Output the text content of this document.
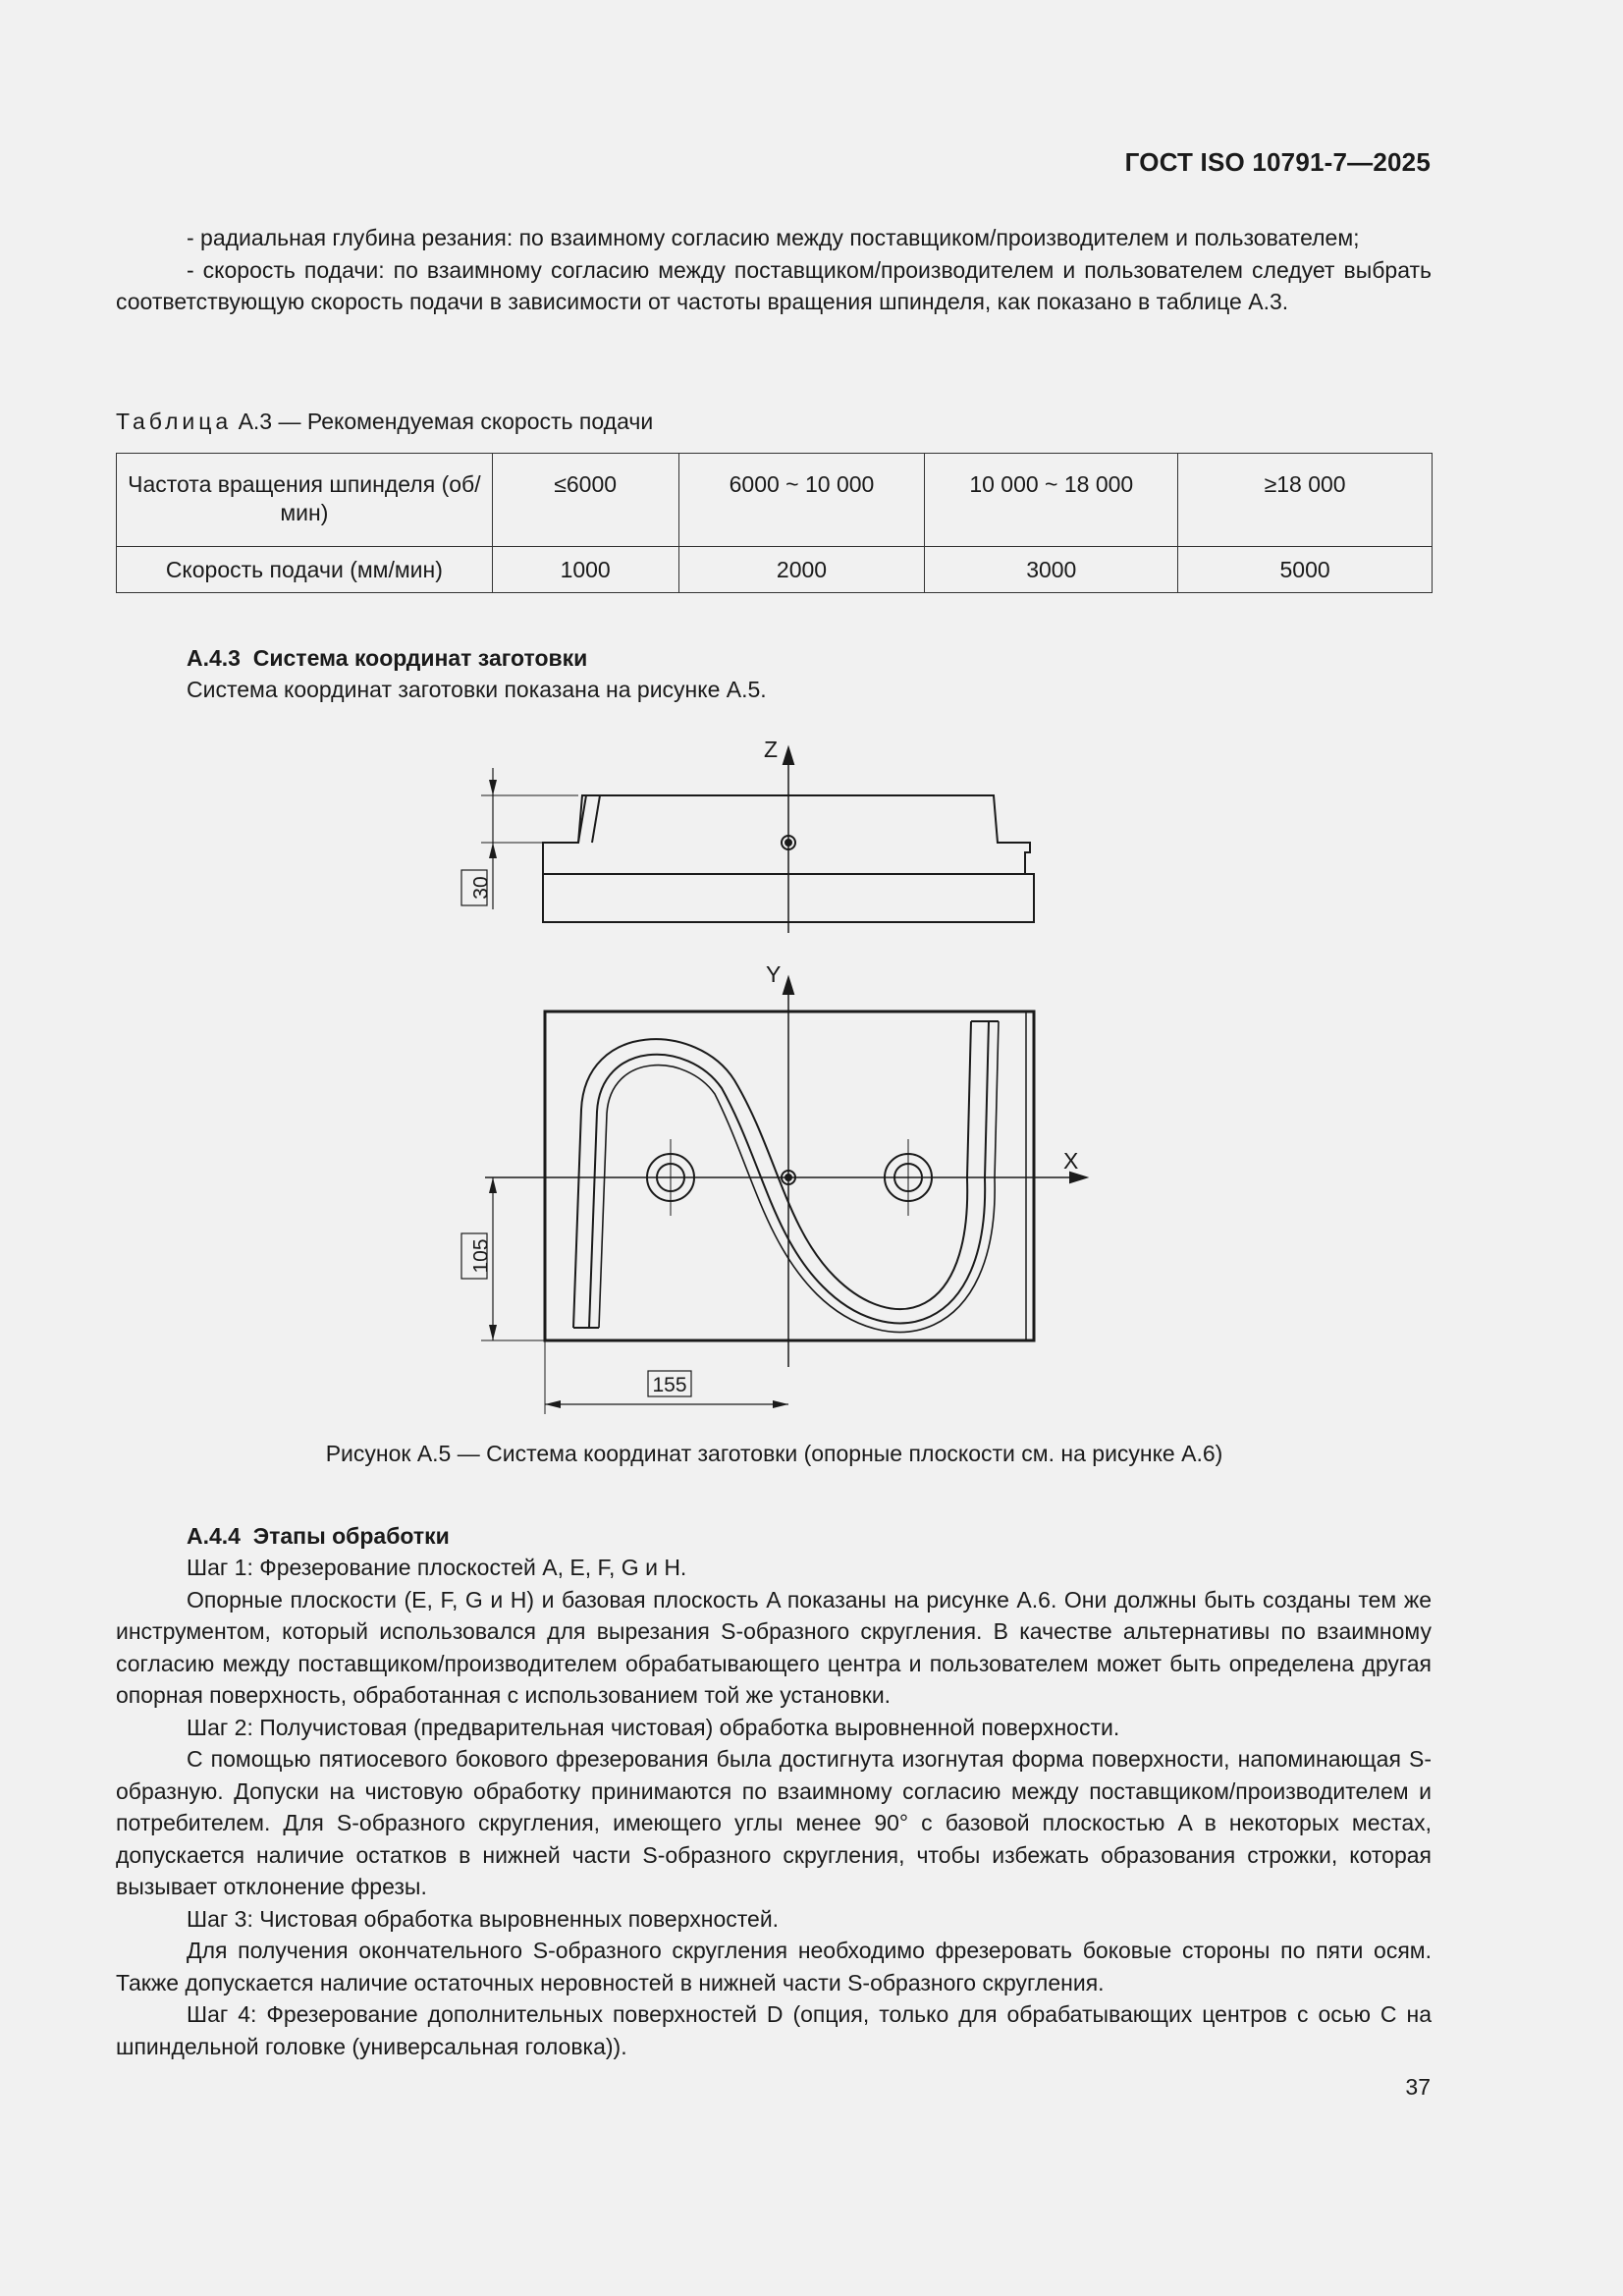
ГОСТ ISO 10791-7—2025

- радиальная глубина резания: по взаимному согласию между поставщиком/производителем и пользователем;

- скорость подачи: по взаимному согласию между поставщиком/производителем и пользователем следует выбрать соответствующую скорость подачи в зависимости от частоты вращения шпинделя, как показано в таблице А.3.

Таблица А.3 — Рекомендуемая скорость подачи
Частота вращения шпинделя (об/мин)	≤6000	6000 ~ 10 000	10 000 ~ 18 000	≥18 000
Скорость подачи (мм/мин)	1000	2000	3000	5000
А.4.3 Система координат заготовки
Система координат заготовки показана на рисунке А.5.
Z
Y
X
30
105
155
Рисунок А.5 — Система координат заготовки (опорные плоскости см. на рисунке А.6)
А.4.4 Этапы обработки

Шаг 1: Фрезерование плоскостей A, E, F, G и H.

Опорные плоскости (E, F, G и H) и базовая плоскость A показаны на рисунке А.6. Они должны быть созданы тем же инструментом, который использовался для вырезания S-образного скругления. В качестве альтернативы по взаимному согласию между поставщиком/производителем обрабатывающего центра и пользователем может быть определена другая опорная поверхность, обработанная с использованием той же установки.

Шаг 2: Получистовая (предварительная чистовая) обработка выровненной поверхности.

С помощью пятиосевого бокового фрезерования была достигнута изогнутая форма поверхности, напоминающая S-образную. Допуски на чистовую обработку принимаются по взаимному согласию между поставщиком/производителем и потребителем. Для S-образного скругления, имеющего углы менее 90° с базовой плоскостью A в некоторых местах, допускается наличие остатков в нижней части S-образного скругления, чтобы избежать образования строжки, которая вызывает отклонение фрезы.

Шаг 3: Чистовая обработка выровненных поверхностей.

Для получения окончательного S-образного скругления необходимо фрезеровать боковые стороны по пяти осям. Также допускается наличие остаточных неровностей в нижней части S-образного скругления.

Шаг 4: Фрезерование дополнительных поверхностей D (опция, только для обрабатывающих центров с осью С на шпиндельной головке (универсальная головка)).

37
